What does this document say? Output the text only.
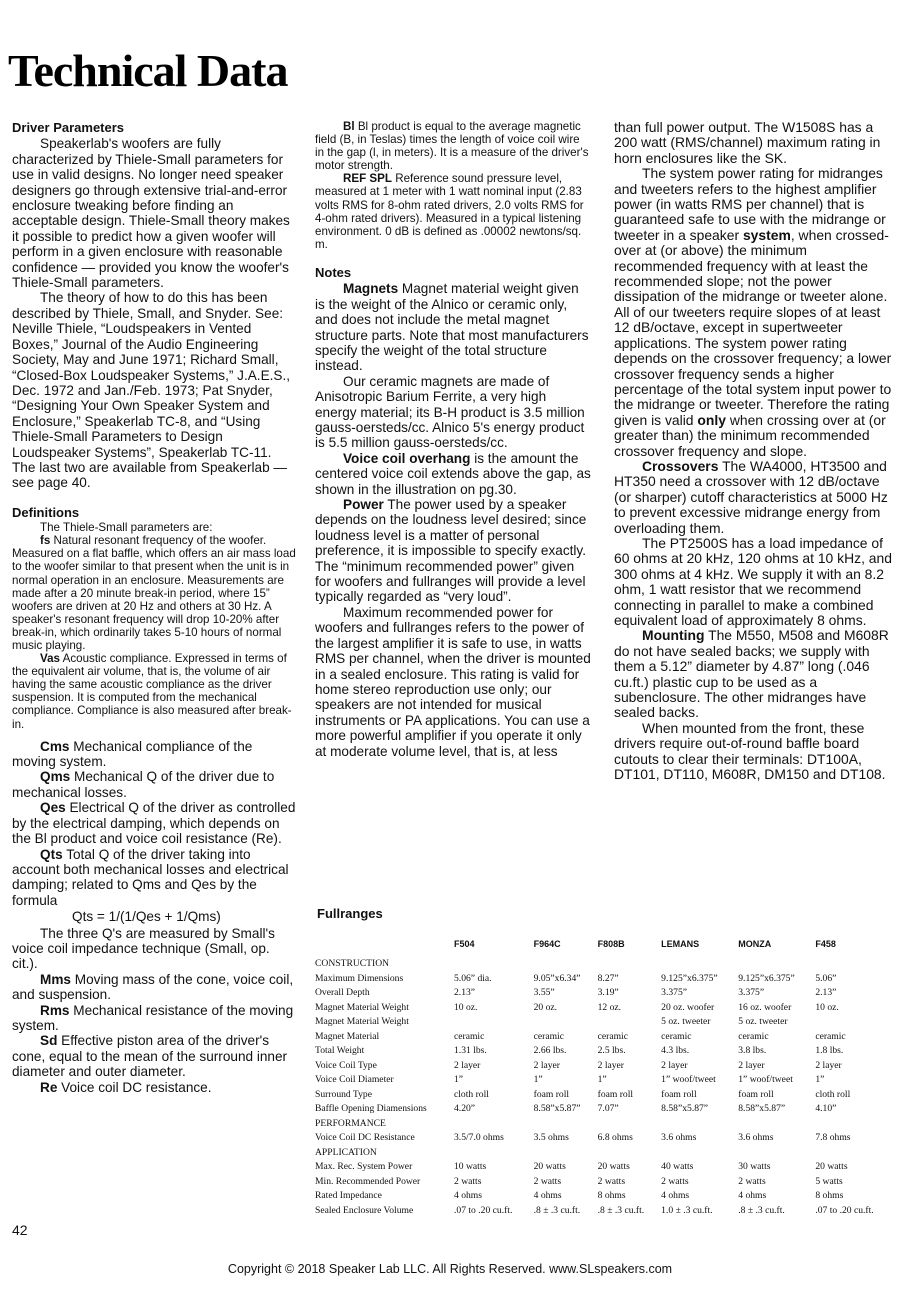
Technical Data
Driver Parameters

Speakerlab's woofers are fully characterized by Thiele-Small parameters for use in valid designs. No longer need speaker designers go through extensive trial-and-error enclosure tweaking before finding an acceptable design. Thiele-Small theory makes it possible to predict how a given woofer will perform in a given enclosure with reasonable confidence — provided you know the woofer's Thiele-Small parameters.

The theory of how to do this has been described by Thiele, Small, and Snyder. See: Neville Thiele, “Loudspeakers in Vented Boxes,” Journal of the Audio Engineering Society, May and June 1971; Richard Small, “Closed-Box Loudspeaker Systems,” J.A.E.S., Dec. 1972 and Jan./Feb. 1973; Pat Snyder, “Designing Your Own Speaker System and Enclosure,” Speakerlab TC-8, and “Using Thiele-Small Parameters to Design Loudspeaker Systems”, Speakerlab TC-11. The last two are available from Speakerlab — see page 40.

Definitions

The Thiele-Small parameters are:

fs Natural resonant frequency of the woofer. Measured on a flat baffle, which offers an air mass load to the woofer similar to that present when the unit is in normal operation in an enclosure. Measurements are made after a 20 minute break-in period, where 15” woofers are driven at 20 Hz and others at 30 Hz. A speaker's resonant frequency will drop 10-20% after break-in, which ordinarily takes 5-10 hours of normal music playing.

Vas Acoustic compliance. Expressed in terms of the equivalent air volume, that is, the volume of air having the same acoustic compliance as the driver suspension. It is computed from the mechanical compliance. Compliance is also measured after break-in.

Cms Mechanical compliance of the moving system.

Qms Mechanical Q of the driver due to mechanical losses.

Qes Electrical Q of the driver as controlled by the electrical damping, which depends on the Bl product and voice coil resistance (Re).

Qts Total Q of the driver taking into account both mechanical losses and electrical damping; related to Qms and Qes by the formula

Qts = 1/(1/Qes + 1/Qms)

The three Q's are measured by Small's voice coil impedance technique (Small, op. cit.).

Mms Moving mass of the cone, voice coil, and suspension.

Rms Mechanical resistance of the moving system.

Sd Effective piston area of the driver's cone, equal to the mean of the surround inner diameter and outer diameter.

Re Voice coil DC resistance.

Bl Bl product is equal to the average magnetic field (B, in Teslas) times the length of voice coil wire in the gap (l, in meters). It is a measure of the driver's motor strength.

REF SPL Reference sound pressure level, measured at 1 meter with 1 watt nominal input (2.83 volts RMS for 8-ohm rated drivers, 2.0 volts RMS for 4-ohm rated drivers). Measured in a typical listening environment. 0 dB is defined as .00002 newtons/sq. m.

Notes

Magnets Magnet material weight given is the weight of the Alnico or ceramic only, and does not include the metal magnet structure parts. Note that most manufacturers specify the weight of the total structure instead.

Our ceramic magnets are made of Anisotropic Barium Ferrite, a very high energy material; its B-H product is 3.5 million gauss-oersteds/cc. Alnico 5's energy product is 5.5 million gauss-oersteds/cc.

Voice coil overhang is the amount the centered voice coil extends above the gap, as shown in the illustration on pg.30.

Power The power used by a speaker depends on the loudness level desired; since loudness level is a matter of personal preference, it is impossible to specify exactly. The “minimum recommended power” given for woofers and fullranges will provide a level typically regarded as “very loud”.

Maximum recommended power for woofers and fullranges refers to the power of the largest amplifier it is safe to use, in watts RMS per channel, when the driver is mounted in a sealed enclosure. This rating is valid for home stereo reproduction use only; our speakers are not intended for musical instruments or PA applications. You can use a more powerful amplifier if you operate it only at moderate volume level, that is, at less

than full power output. The W1508S has a 200 watt (RMS/channel) maximum rating in horn enclosures like the SK.

The system power rating for midranges and tweeters refers to the highest amplifier power (in watts RMS per channel) that is guaranteed safe to use with the midrange or tweeter in a speaker system, when crossed-over at (or above) the minimum recommended frequency with at least the recommended slope; not the power dissipation of the midrange or tweeter alone. All of our tweeters require slopes of at least 12 dB/octave, except in supertweeter applications. The system power rating depends on the crossover frequency; a lower crossover frequency sends a higher percentage of the total system input power to the midrange or tweeter. Therefore the rating given is valid only when crossing over at (or greater than) the minimum recommended crossover frequency and slope.

Crossovers The WA4000, HT3500 and HT350 need a crossover with 12 dB/octave (or sharper) cutoff characteristics at 5000 Hz to prevent excessive midrange energy from overloading them.

The PT2500S has a load impedance of 60 ohms at 20 kHz, 120 ohms at 10 kHz, and 300 ohms at 4 kHz. We supply it with an 8.2 ohm, 1 watt resistor that we recommend connecting in parallel to make a combined equivalent load of approximately 8 ohms.

Mounting The M550, M508 and M608R do not have sealed backs; we supply with them a 5.12” diameter by 4.87” long (.046 cu.ft.) plastic cup to be used as a subenclosure. The other midranges have sealed backs.

When mounted from the front, these drivers require out-of-round baffle board cutouts to clear their terminals: DT100A, DT101, DT110, M608R, DM150 and DT108.

Fullranges
	F504	F964C	F808B	LEMANS	MONZA	F458
CONSTRUCTION						
Maximum Dimensions	5.06” dia.	9.05”x6.34”	8.27”	9.125”x6.375”	9.125”x6.375”	5.06”
Overall Depth	2.13”	3.55”	3.19”	3.375”	3.375”	2.13”
Magnet Material Weight	10 oz.	20 oz.	12 oz.	20 oz. woofer	16 oz. woofer	10 oz.
Magnet Material Weight				5 oz. tweeter	5 oz. tweeter	
Magnet Material	ceramic	ceramic	ceramic	ceramic	ceramic	ceramic
Total Weight	1.31 lbs.	2.66 lbs.	2.5 lbs.	4.3 lbs.	3.8 lbs.	1.8 lbs.
Voice Coil Type	2 layer	2 layer	2 layer	2 layer	2 layer	2 layer
Voice Coil Diameter	1”	1”	1”	1” woof/tweet	1” woof/tweet	1”
Surround Type	cloth roll	foam roll	foam roll	foam roll	foam roll	cloth roll
Baffle Opening Diamensions	4.20”	8.58”x5.87”	7.07”	8.58”x5.87”	8.58”x5.87”	4.10”
PERFORMANCE						
Voice Coil DC Resistance	3.5/7.0 ohms	3.5 ohms	6.8 ohms	3.6 ohms	3.6 ohms	7.8 ohms
APPLICATION						
Max. Rec. System Power	10 watts	20 watts	20 watts	40 watts	30 watts	20 watts
Min. Recommended Power	2 watts	2 watts	2 watts	2 watts	2 watts	5 watts
Rated Impedance	4 ohms	4 ohms	8 ohms	4 ohms	4 ohms	8 ohms
Sealed Enclosure Volume	.07 to .20 cu.ft.	.8 ± .3 cu.ft.	.8 ± .3 cu.ft.	1.0 ± .3 cu.ft.	.8 ± .3 cu.ft.	.07 to .20 cu.ft.
42
Copyright © 2018 Speaker Lab LLC. All Rights Reserved. www.SLspeakers.com
